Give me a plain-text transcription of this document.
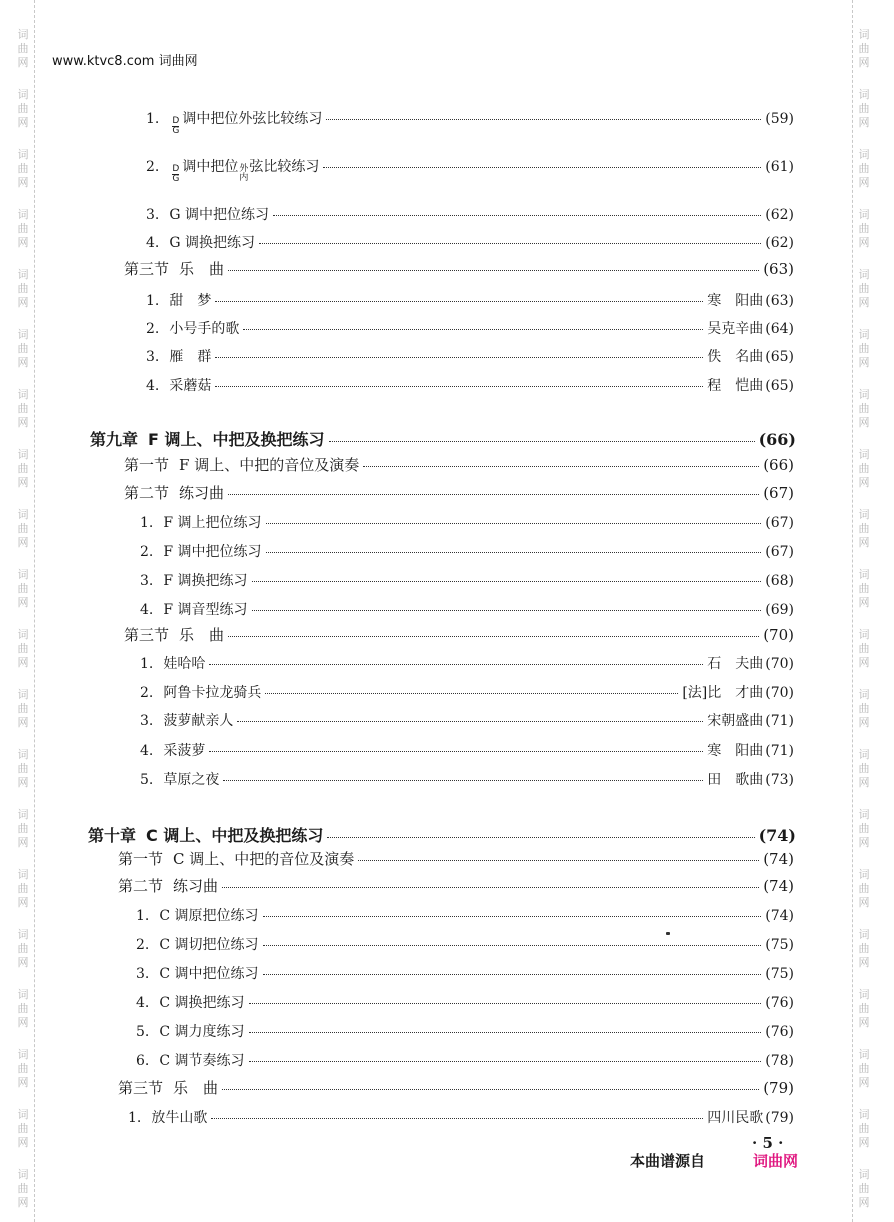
词
曲
网
词
曲
网
词
曲
网
词
曲
网
词
曲
网
词
曲
网
词
曲
网
词
曲
网
词
曲
网
词
曲
网
词
曲
网
词
曲
网
词
曲
网
词
曲
网
词
曲
网
词
曲
网
词
曲
网
词
曲
网
词
曲
网
词
曲
网
词
曲
网
词
曲
网
词
曲
网
词
曲
网
词
曲
网
词
曲
网
词
曲
网
词
曲
网
词
曲
网
词
曲
网
词
曲
网
词
曲
网
词
曲
网
词
曲
网
词
曲
网
词
曲
网
词
曲
网
词
曲
网
词
曲
网
词
曲
网
www.ktvc8.com 词曲网
1. $\frac{D}{G}$ 调中把位外弦比较练习	(59)
2. $\frac{D}{G}$ 调中把位 外
内
弦比较练习	(61)
3. G 调中把位练习	(62)
4. G 调换把练习	(62)
第三节 乐　曲	(63)
1. 甜　梦	寒　阳曲 (63)
2. 小号手的歌	吴克辛曲 (64)
3. 雁　群	佚　名曲 (65)
4. 采蘑菇	程　恺曲 (65)
第九章 F 调上、中把及换把练习	(66)
第一节 F 调上、中把的音位及演奏	(66)
第二节 练习曲	(67)
1. F 调上把位练习	(67)
2. F 调中把位练习	(67)
3. F 调换把练习	(68)
4. F 调音型练习	(69)
第三节 乐　曲	(70)
1. 娃哈哈	石　夫曲 (70)
2. 阿鲁卡拉龙骑兵	[法]比　才曲 (70)
3. 菠萝献亲人	宋朝盛曲 (71)
4. 采菠萝	寒　阳曲 (71)
5. 草原之夜	田　歌曲 (73)
第十章 C 调上、中把及换把练习	(74)
第一节 C 调上、中把的音位及演奏	(74)
第二节 练习曲	(74)
1. C 调原把位练习	(74)
2. C 调切把位练习	(75)
3. C 调中把位练习	(75)
4. C 调换把练习	(76)
5. C 调力度练习	(76)
6. C 调节奏练习	(78)
第三节 乐　曲	(79)
1. 放牛山歌	四川民歌 (79)
· 5 ·
本曲谱源自	词曲网
